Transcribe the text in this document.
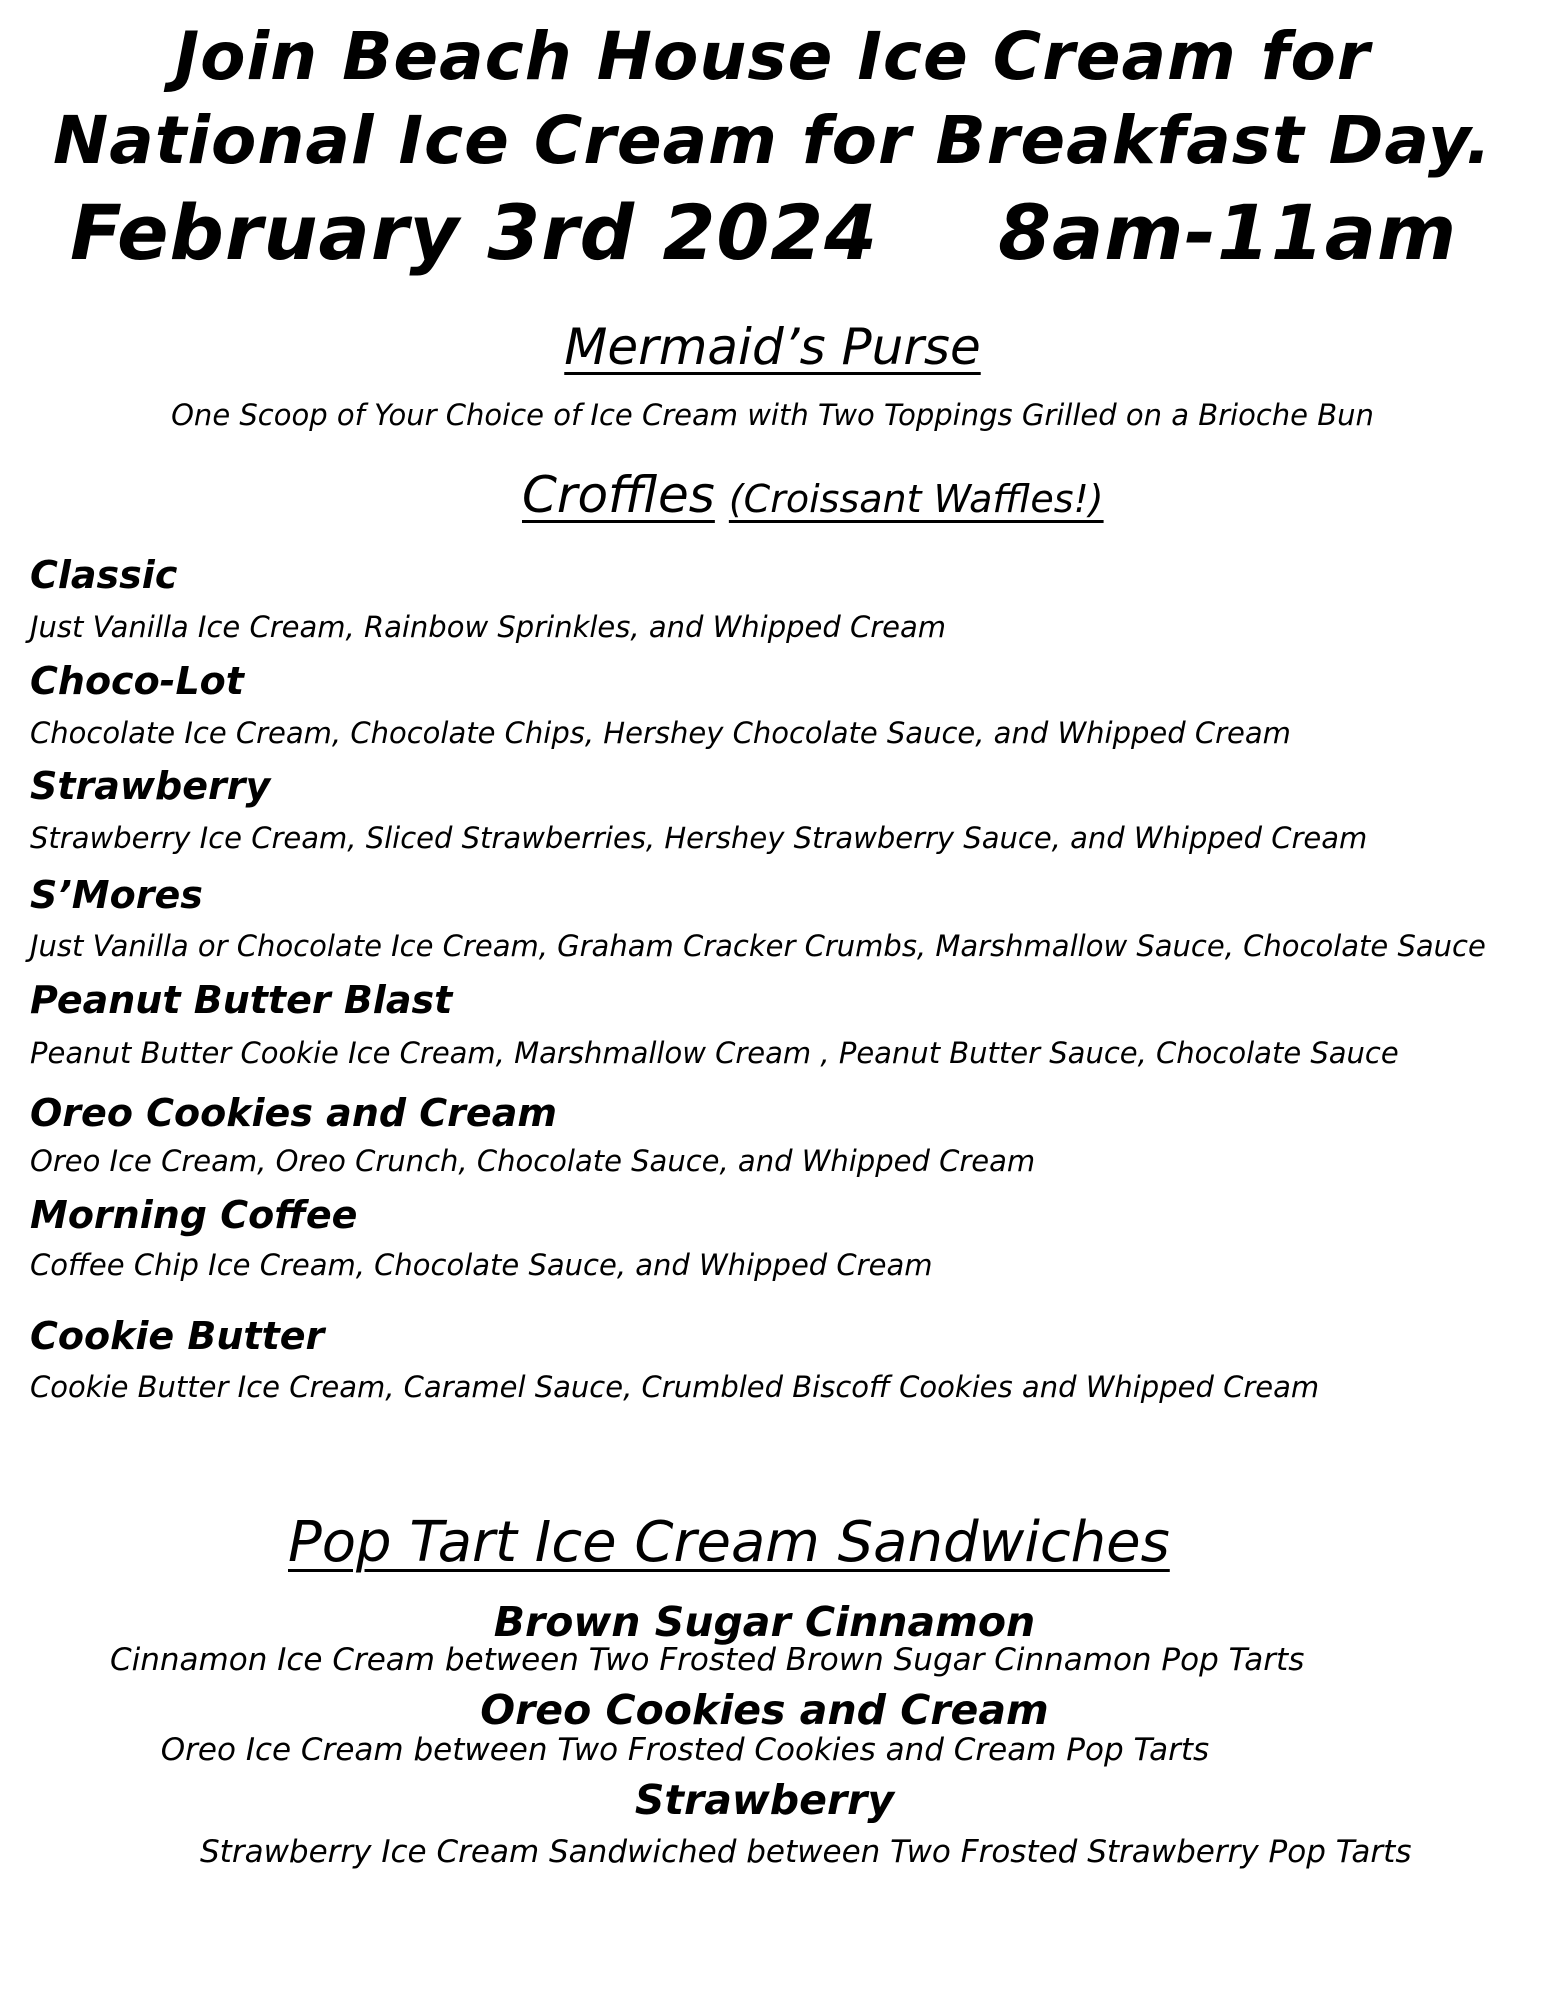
Join Beach House Ice Cream for
National Ice Cream for Breakfast Day.
February 3rd 2024 8am-11am
Mermaid’s Purse
One Scoop of Your Choice of Ice Cream with Two Toppings Grilled on a Brioche Bun
Croffles (Croissant Waffles!)
Classic
Just Vanilla Ice Cream, Rainbow Sprinkles, and Whipped Cream
Choco-Lot
Chocolate Ice Cream, Chocolate Chips, Hershey Chocolate Sauce, and Whipped Cream
Strawberry
Strawberry Ice Cream, Sliced Strawberries, Hershey Strawberry Sauce, and Whipped Cream
S’Mores
Just Vanilla or Chocolate Ice Cream, Graham Cracker Crumbs, Marshmallow Sauce, Chocolate Sauce
Peanut Butter Blast
Peanut Butter Cookie Ice Cream, Marshmallow Cream , Peanut Butter Sauce, Chocolate Sauce
Oreo Cookies and Cream
Oreo Ice Cream, Oreo Crunch, Chocolate Sauce, and Whipped Cream
Morning Coffee
Coffee Chip Ice Cream, Chocolate Sauce, and Whipped Cream
Cookie Butter
Cookie Butter Ice Cream, Caramel Sauce, Crumbled Biscoff Cookies and Whipped Cream
Pop Tart Ice Cream Sandwiches
Brown Sugar Cinnamon
Cinnamon Ice Cream between Two Frosted Brown Sugar Cinnamon Pop Tarts
Oreo Cookies and Cream
Oreo Ice Cream between Two Frosted Cookies and Cream Pop Tarts
Strawberry
Strawberry Ice Cream Sandwiched between Two Frosted Strawberry Pop Tarts
